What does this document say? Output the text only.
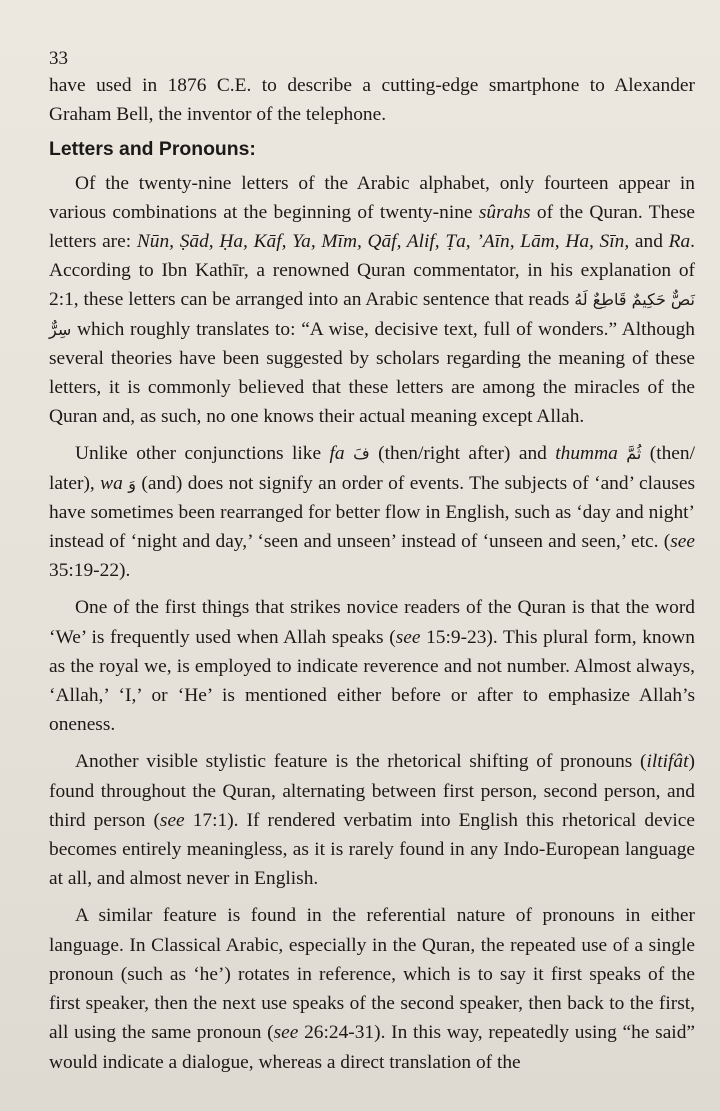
33

have used in 1876 C.E. to describe a cutting-edge smartphone to Alexander Graham Bell, the inventor of the telephone.

Letters and Pronouns:

Of the twenty-nine letters of the Arabic alphabet, only fourteen appear in various combinations at the beginning of twenty-nine sûrahs of the Quran. These letters are: Nūn, Ṣād, Ḥa, Kāf, Ya, Mīm, Qāf, Alif, Ṭa, ’Aīn, Lām, Ha, Sīn, and Ra. According to Ibn Kathīr, a renowned Quran commentator, in his explanation of 2:1, these letters can be arranged into an Arabic sentence that reads نَصٌّ حَكِيمٌ قَاطِعٌ لَهُ سِرٌّ which roughly translates to: “A wise, decisive text, full of wonders.” Although several theories have been suggested by scholars regarding the meaning of these letters, it is commonly believed that these letters are among the miracles of the Quran and, as such, no one knows their actual meaning except Allah.

Unlike other conjunctions like fa فَ (then/right after) and thumma ثُمَّ (then/ later), wa وَ (and) does not signify an order of events. The subjects of ‘and’ clauses have sometimes been rearranged for better flow in English, such as ‘day and night’ instead of ‘night and day,’ ‘seen and unseen’ instead of ‘unseen and seen,’ etc. (see 35:19-22).

One of the first things that strikes novice readers of the Quran is that the word ‘We’ is frequently used when Allah speaks (see 15:9-23). This plural form, known as the royal we, is employed to indicate reverence and not number. Almost always, ‘Allah,’ ‘I,’ or ‘He’ is mentioned either before or after to emphasize Allah’s oneness.

Another visible stylistic feature is the rhetorical shifting of pronouns (iltifât) found throughout the Quran, alternating between first person, second person, and third person (see 17:1). If rendered verbatim into English this rhetorical device becomes entirely meaningless, as it is rarely found in any Indo-European language at all, and almost never in English.

A similar feature is found in the referential nature of pronouns in either language. In Classical Arabic, especially in the Quran, the repeated use of a single pronoun (such as ‘he’) rotates in reference, which is to say it first speaks of the first speaker, then the next use speaks of the second speaker, then back to the first, all using the same pronoun (see 26:24-31). In this way, repeatedly using “he said” would indicate a dialogue, whereas a direct translation of the
